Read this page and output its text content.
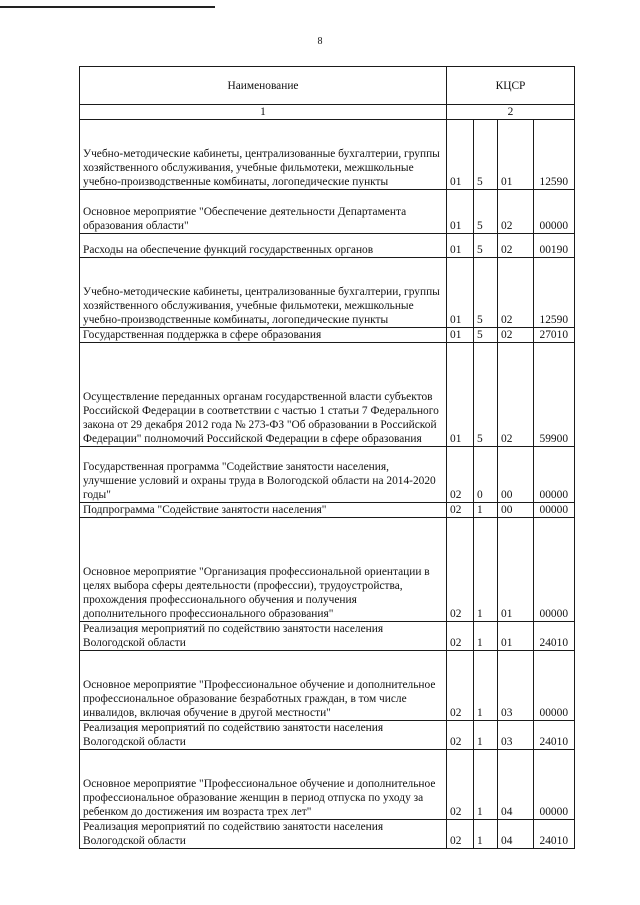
8
Наименование	КЦСР			
1	2			
Учебно-методические кабинеты, централизованные бухгалтерии, группы хозяйственного обслуживания, учебные фильмотеки, межшкольные учебно-производственные комбинаты, логопедические пункты	01	5	01	12590
Основное мероприятие "Обеспечение деятельности Департамента образования области"	01	5	02	00000
Расходы на обеспечение функций государственных органов	01	5	02	00190
Учебно-методические кабинеты, централизованные бухгалтерии, группы хозяйственного обслуживания, учебные фильмотеки, межшкольные учебно-производственные комбинаты, логопедические пункты	01	5	02	12590
Государственная поддержка в сфере образования	01	5	02	27010
Осуществление переданных органам государственной власти субъектов Российской Федерации в соответствии с частью 1 статьи 7 Федерального закона от 29 декабря 2012 года № 273-ФЗ "Об образовании в Российской Федерации" полномочий Российской Федерации в сфере образования	01	5	02	59900
Государственная программа "Содействие занятости населения, улучшение условий и охраны труда в Вологодской области на 2014-2020 годы"	02	0	00	00000
Подпрограмма "Содействие занятости населения"	02	1	00	00000
Основное мероприятие "Организация профессиональной ориентации в целях выбора сферы деятельности (профессии), трудоустройства, прохождения профессионального обучения и получения дополнительного профессионального образования"	02	1	01	00000
Реализация мероприятий по содействию занятости населения Вологодской области	02	1	01	24010
Основное мероприятие "Профессиональное обучение и дополнительное профессиональное образование безработных граждан, в том числе инвалидов, включая обучение в другой местности"	02	1	03	00000
Реализация мероприятий по содействию занятости населения Вологодской области	02	1	03	24010
Основное мероприятие "Профессиональное обучение и дополнительное профессиональное образование женщин в период отпуска по уходу за ребенком до достижения им возраста трех лет"	02	1	04	00000
Реализация мероприятий по содействию занятости населения Вологодской области	02	1	04	24010
